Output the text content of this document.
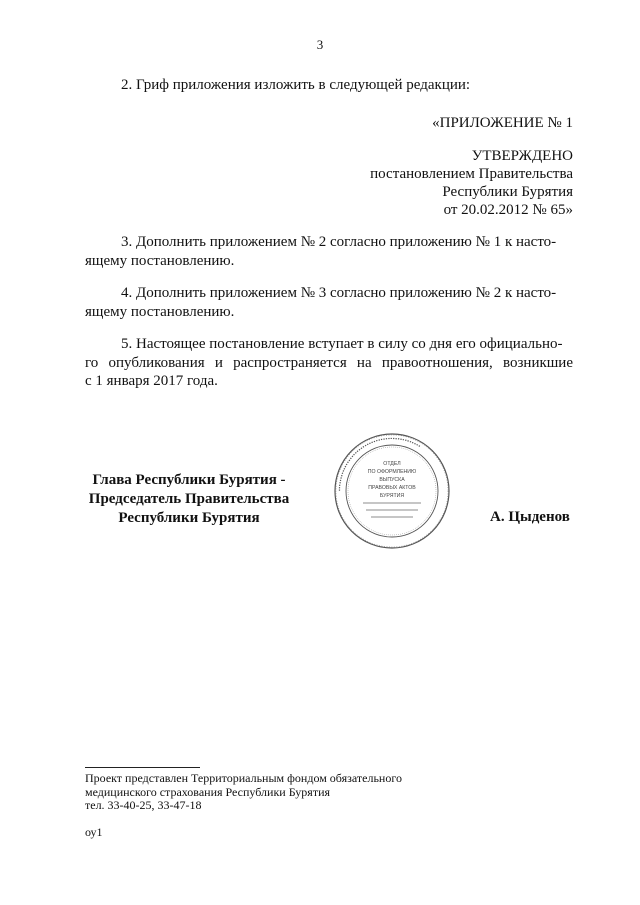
3
2. Гриф приложения изложить в следующей редакции:
«ПРИЛОЖЕНИЕ № 1
УТВЕРЖДЕНО
постановлением Правительства
Республики Бурятия
от 20.02.2012 № 65»
3. Дополнить приложением № 2 согласно приложению № 1 к насто-
ящему постановлению.
4. Дополнить приложением № 3 согласно приложению № 2 к насто-
ящему постановлению.
5. Настоящее постановление вступает в силу со дня его официально-
го опубликования и распространяется на правоотношения, возникшие
с 1 января 2017 года.
Глава Республики Бурятия -
Председатель Правительства
Республики Бурятия
▪▪▪▪▪▪▪▪▪▪▪▪▪▪▪▪▪▪▪▪▪▪▪▪▪▪▪▪▪▪▪▪▪▪▪▪▪▪▪▪▪▪▪▪▪▪
ОТДЕЛ
ПО ОФОРМЛЕНИЮ
ВЫПУСКА
ПРАВОВЫХ АКТОВ
БУРЯТИЯ
А. Цыденов
Проект представлен Территориальным фондом обязательного
медицинского страхования Республики Бурятия
тел. 33-40-25, 33-47-18
оу1
